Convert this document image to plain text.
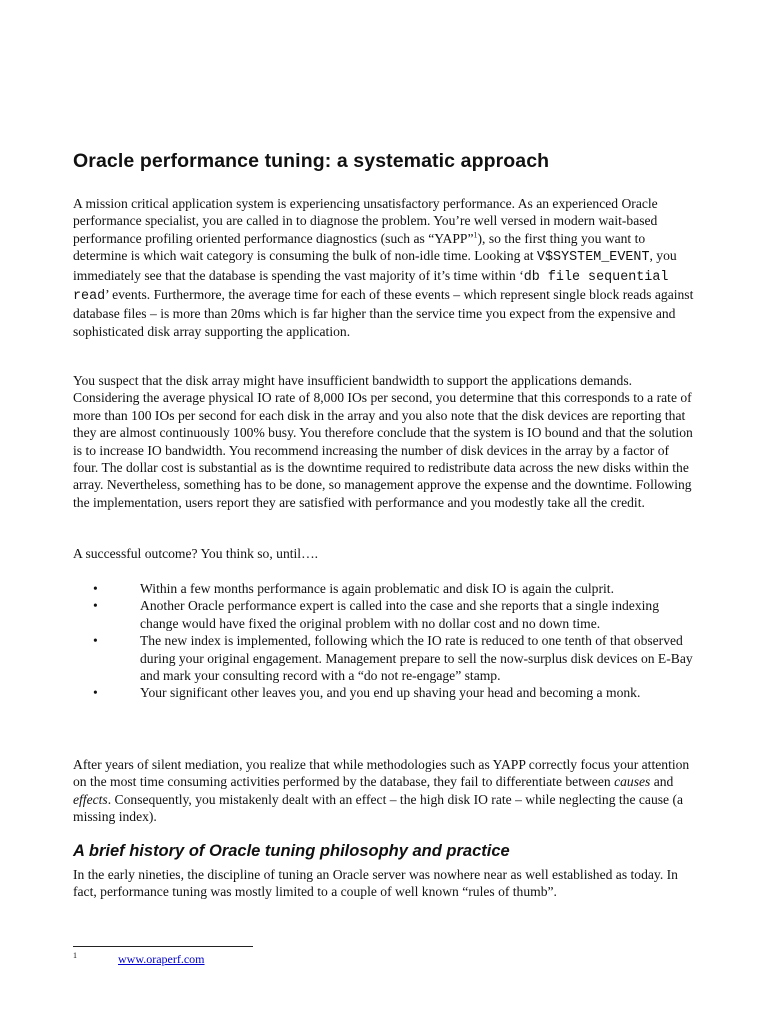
Oracle performance tuning: a systematic approach

A mission critical application system is experiencing unsatisfactory performance. As an experienced Oracle performance specialist, you are called in to diagnose the problem. You’re well versed in modern wait-based performance profiling oriented performance diagnostics (such as “YAPP”$^1$), so the first thing you want to determine is which wait category is consuming the bulk of non-idle time. Looking at V$SYSTEM_EVENT, you immediately see that the database is spending the vast majority of it’s time within ‘db file sequential read’ events. Furthermore, the average time for each of these events – which represent single block reads against database files – is more than 20ms which is far higher than the service time you expect from the expensive and sophisticated disk array supporting the application.

You suspect that the disk array might have insufficient bandwidth to support the applications demands. Considering the average physical IO rate of 8,000 IOs per second, you determine that this corresponds to a rate of more than 100 IOs per second for each disk in the array and you also note that the disk devices are reporting that they are almost continuously 100% busy. You therefore conclude that the system is IO bound and that the solution is to increase IO bandwidth. You recommend increasing the number of disk devices in the array by a factor of four. The dollar cost is substantial as is the downtime required to redistribute data across the new disks within the array. Nevertheless, something has to be done, so management approve the expense and the downtime. Following the implementation, users report they are satisfied with performance and you modestly take all the credit.

A successful outcome? You think so, until….

•	Within a few months performance is again problematic and disk IO is again the culprit.
•	Another Oracle performance expert is called into the case and she reports that a single indexing change would have fixed the original problem with no dollar cost and no down time.
•	The new index is implemented, following which the IO rate is reduced to one tenth of that observed during your original engagement. Management prepare to sell the now-surplus disk devices on E-Bay and mark your consulting record with a “do not re-engage” stamp.
•	Your significant other leaves you, and you end up shaving your head and becoming a monk.

After years of silent mediation, you realize that while methodologies such as YAPP correctly focus your attention on the most time consuming activities performed by the database, they fail to differentiate between causes and effects. Consequently, you mistakenly dealt with an effect – the high disk IO rate – while neglecting the cause (a missing index).

A brief history of Oracle tuning philosophy and practice

In the early nineties, the discipline of tuning an Oracle server was nowhere near as well established as today. In fact, performance tuning was mostly limited to a couple of well known “rules of thumb”.

$^1$	www.oraperf.com
